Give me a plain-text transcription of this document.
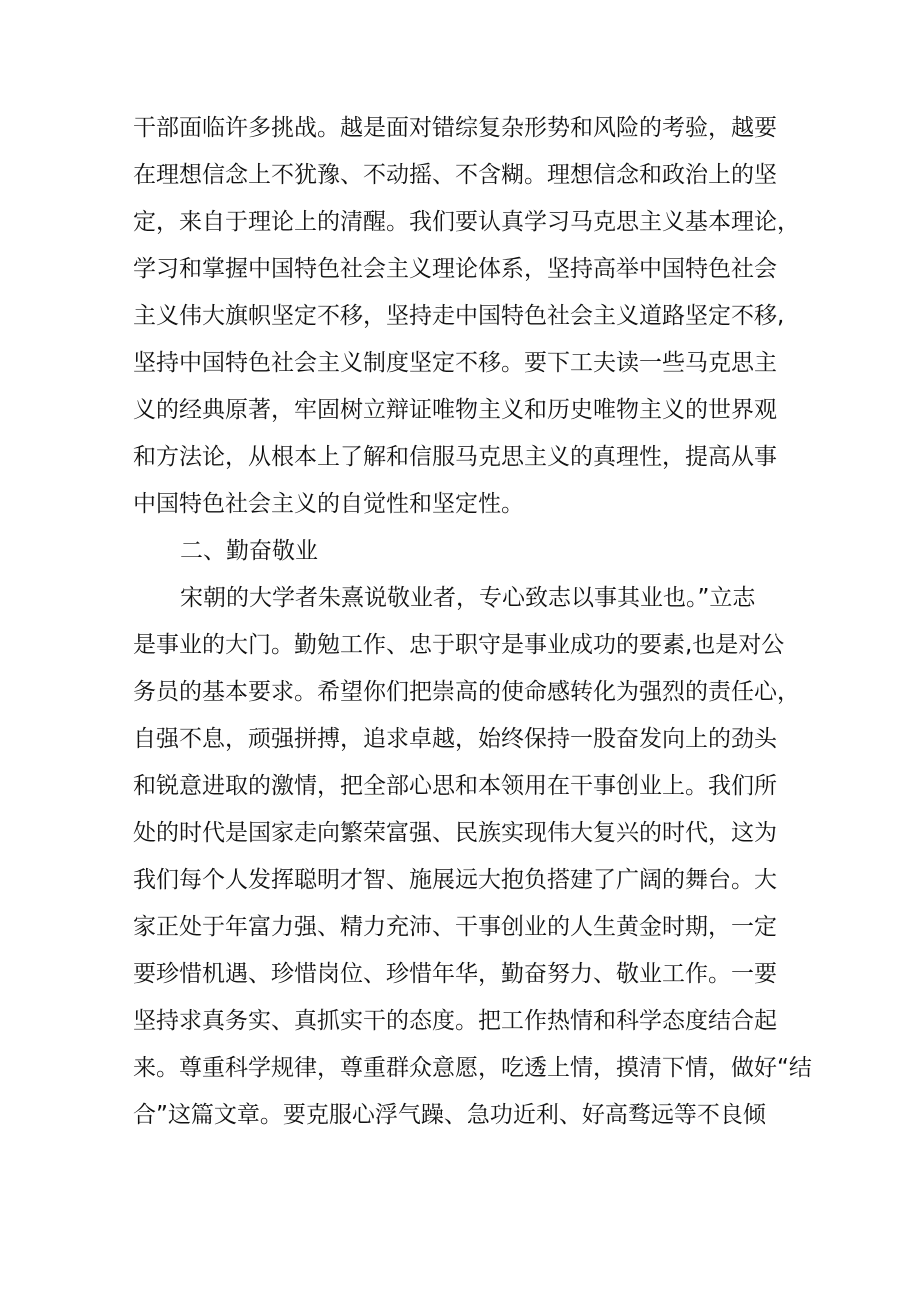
干部面临许多挑战。越是面对错综复杂形势和风险的考验，越要
在理想信念上不犹豫、不动摇、不含糊。理想信念和政治上的坚
定，来自于理论上的清醒。我们要认真学习马克思主义基本理论，
学习和掌握中国特色社会主义理论体系，坚持高举中国特色社会
主义伟大旗帜坚定不移，坚持走中国特色社会主义道路坚定不移,
坚持中国特色社会主义制度坚定不移。要下工夫读一些马克思主
义的经典原著，牢固树立辩证唯物主义和历史唯物主义的世界观
和方法论，从根本上了解和信服马克思主义的真理性，提高从事
中国特色社会主义的自觉性和坚定性。
二、勤奋敬业
宋朝的大学者朱熹说敬业者，专心致志以事其业也。”立志
是事业的大门。勤勉工作、忠于职守是事业成功的要素,也是对公
务员的基本要求。希望你们把崇高的使命感转化为强烈的责任心，
自强不息，顽强拼搏，追求卓越，始终保持一股奋发向上的劲头
和锐意进取的激情，把全部心思和本领用在干事创业上。我们所
处的时代是国家走向繁荣富强、民族实现伟大复兴的时代，这为
我们每个人发挥聪明才智、施展远大抱负搭建了广阔的舞台。大
家正处于年富力强、精力充沛、干事创业的人生黄金时期，一定
要珍惜机遇、珍惜岗位、珍惜年华，勤奋努力、敬业工作。一要
坚持求真务实、真抓实干的态度。把工作热情和科学态度结合起
来。尊重科学规律，尊重群众意愿，吃透上情，摸清下情，做好“结
合”这篇文章。要克服心浮气躁、急功近利、好高骛远等不良倾
